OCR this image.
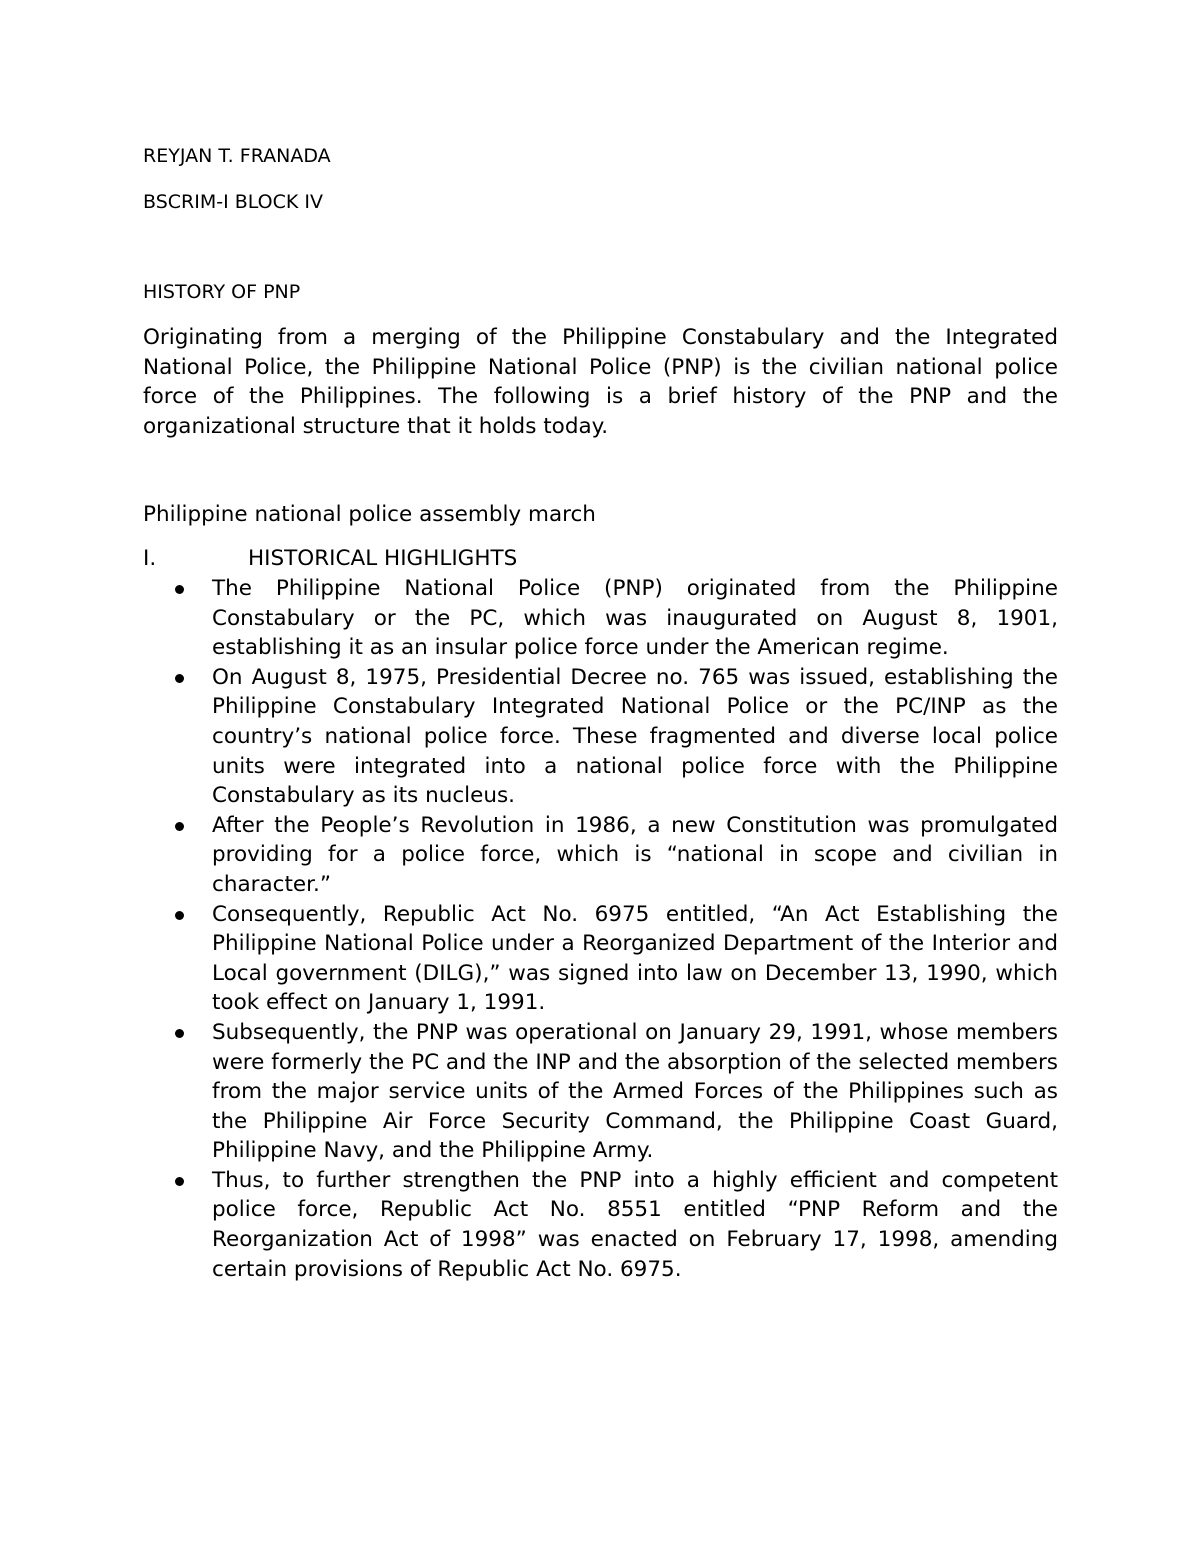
REYJAN T. FRANADA
BSCRIM-I BLOCK IV
HISTORY OF PNP

Originating from a merging of the Philippine Constabulary and the Integrated National Police, the Philippine National Police (PNP) is the civilian national police force of the Philippines. The following is a brief history of the PNP and the organizational structure that it holds today.

Philippine national police assembly march
I.	HISTORICAL HIGHLIGHTS
The Philippine National Police (PNP) originated from the Philippine Constabulary or the PC, which was inaugurated on August 8, 1901, establishing it as an insular police force under the American regime.
On August 8, 1975, Presidential Decree no. 765 was issued, establishing the Philippine Constabulary Integrated National Police or the PC/INP as the country’s national police force. These fragmented and diverse local police units were integrated into a national police force with the Philippine Constabulary as its nucleus.
After the People’s Revolution in 1986, a new Constitution was promulgated providing for a police force, which is “national in scope and civilian in character.”
Consequently, Republic Act No. 6975 entitled, “An Act Establishing the Philippine National Police under a Reorganized Department of the Interior and Local government (DILG),” was signed into law on December 13, 1990, which took effect on January 1, 1991.
Subsequently, the PNP was operational on January 29, 1991, whose members were formerly the PC and the INP and the absorption of the selected members from the major service units of the Armed Forces of the Philippines such as the Philippine Air Force Security Command, the Philippine Coast Guard, Philippine Navy, and the Philippine Army.
Thus, to further strengthen the PNP into a highly efficient and competent police force, Republic Act No. 8551 entitled “PNP Reform and the Reorganization Act of 1998” was enacted on February 17, 1998, amending certain provisions of Republic Act No. 6975.
